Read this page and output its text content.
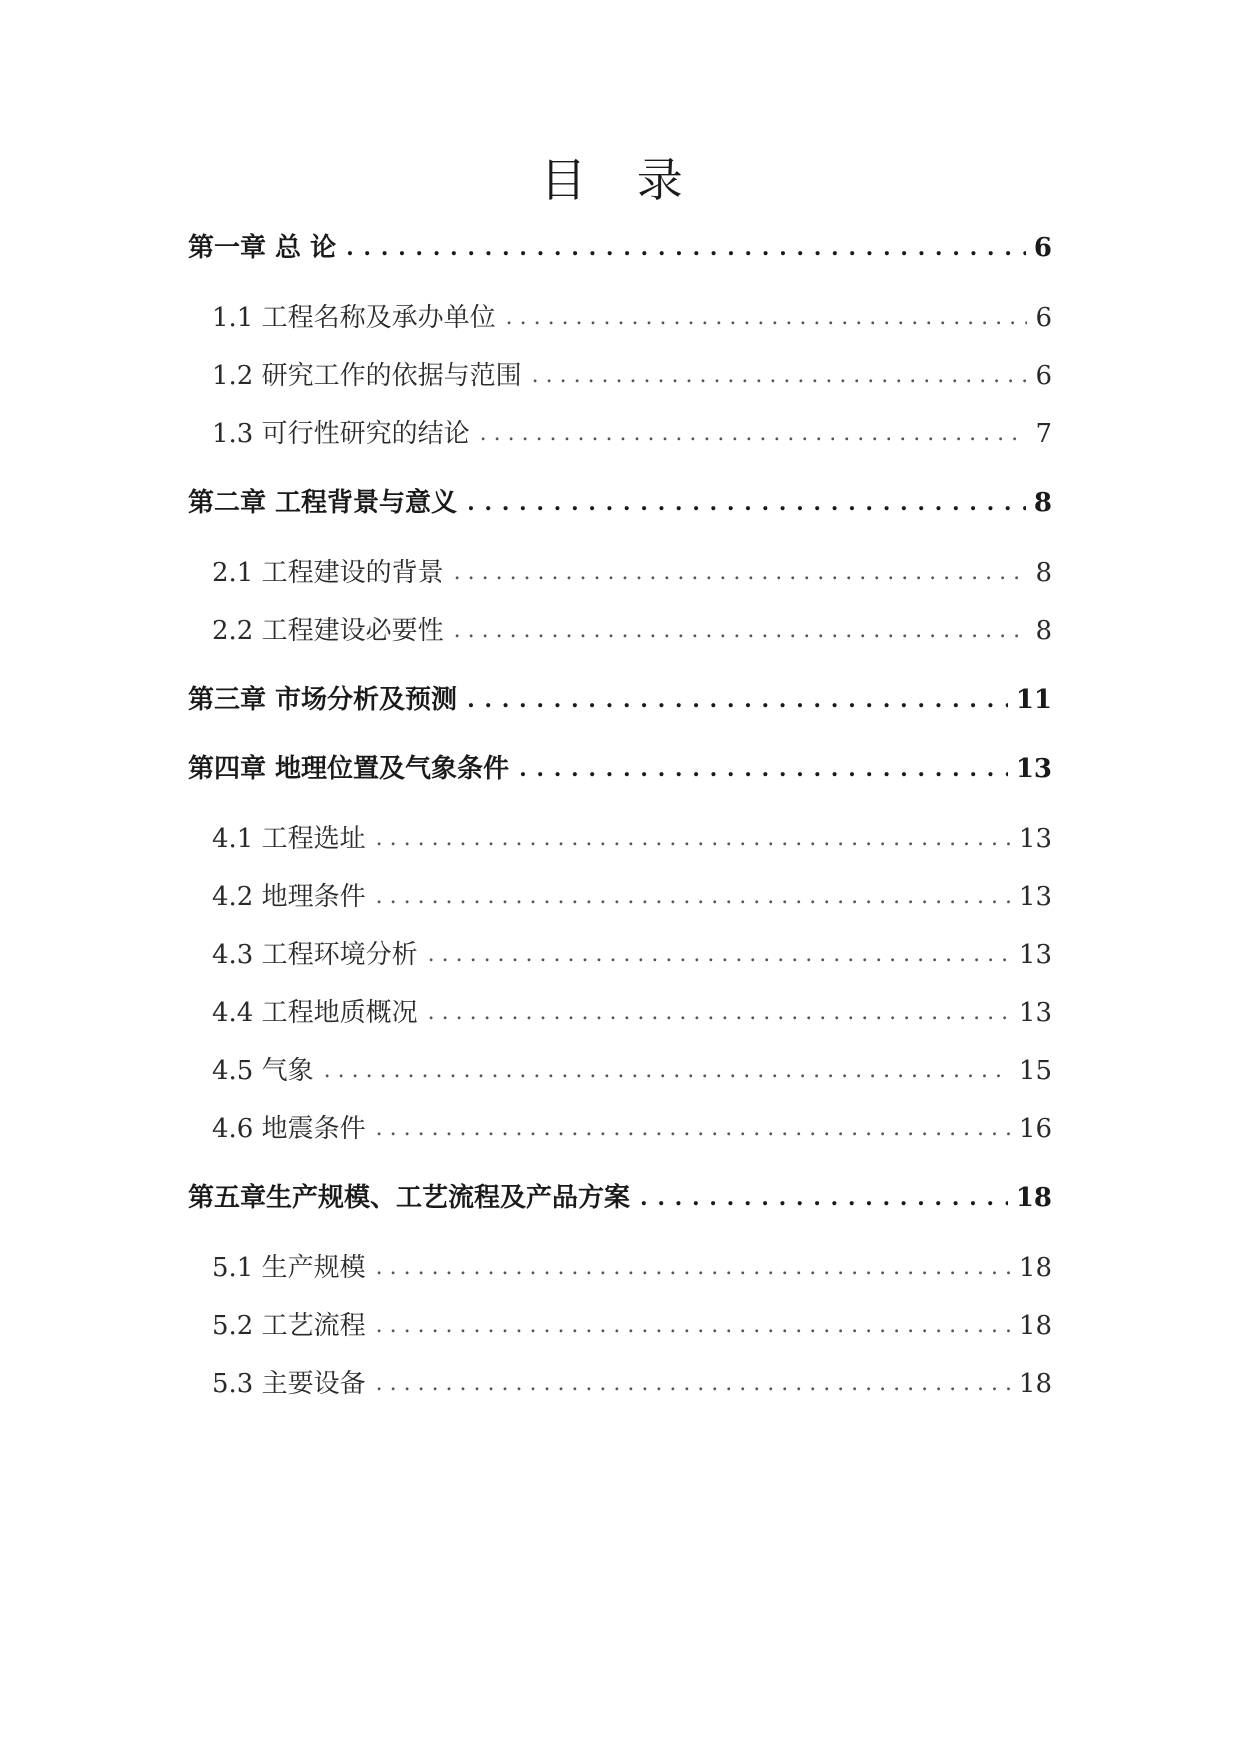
目 录
第一章 总 论 . . .	6
1.1 工程名称及承办单位 . . .	6
1.2 研究工作的依据与范围 . . .	6
1.3 可行性研究的结论 . . .	7
第二章 工程背景与意义 . . .	8
2.1 工程建设的背景 . . .	8
2.2 工程建设必要性 . . .	8
第三章 市场分析及预测 . . .	11
第四章 地理位置及气象条件 . . .	13
4.1 工程选址 . . .	13
4.2 地理条件 . . .	13
4.3 工程环境分析 . . .	13
4.4 工程地质概况 . . .	13
4.5 气象 . . .	15
4.6 地震条件 . . .	16
第五章生产规模、工艺流程及产品方案 . . .	18
5.1 生产规模 . . .	18
5.2 工艺流程 . . .	18
5.3 主要设备 . . .	18
